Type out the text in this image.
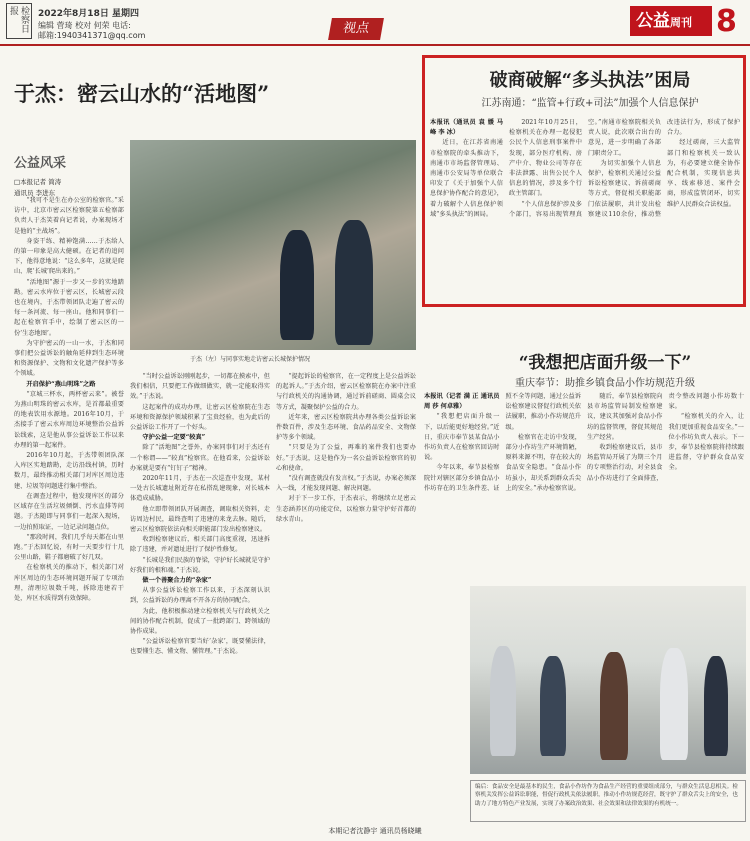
检察日报	2022年8月18日 星期四
编辑 菅琦 校对 何荣 电话:
邮箱:1940341371@qq.com	视点	公益周刊 8
于杰：密云山水的“活地图”
公益风采
□本报记者 简涛
通讯员 李进东

“我可不是生在办公室的检察官。”采访中，北京市密云区检察院第五检察部负责人于杰笑着向记者说，办案现场才是他的“主战场”。

身姿干练、精神饱满……于杰给人的第一印象是高大健硕。在记者的追问下，他得意地说：“这么多年，这就是爬山、爬‘长城’爬出来的。”

“活地图”源于一步又一步的实地踏勘。密云水库位于密云区，长城密云段也在境内，于杰带领团队走遍了密云的每一条河流、每一座山。他和同事们一起在检察官手中，绘制了密云区的一份‘生态地图’。

为守护密云的一山一水，于杰和同事们把公益诉讼的触角延伸到生态环境和资源保护、文物和文化遗产保护等多个领域。

开启保护“燕山明珠”之路

“京城三杯水，两杯密云来”。被誉为燕山明珠的密云水库，是首都最重要的地表饮用水源地。2016年10月，于杰接手了密云水库周边环境整治公益诉讼线索，这是他从事公益诉讼工作以来办理的第一起案件。

2016年10月起，于杰带领团队深入库区实地踏勘，走访沿线村镇，历时数月，最终推动相关部门对库区周边违建、垃圾等问题进行集中整治。

在调查过程中，他发现库区的部分区域存在生活垃圾倾倒、污水直排等问题。于杰随即与同事们一起深入现场，一边拍照取证，一边记录问题点位。

“那段时间，我们几乎每天都在山里跑。”于杰回忆说，有时一天要步行十几公里山路，鞋子都磨破了好几双。

在检察机关的推动下，相关部门对库区周边的生态环境问题开展了专项治理，清理垃圾数千吨，拆除违建若干处，库区水质得到有效保障。

于杰（左）与同事实地走访密云长城保护情况

“当时公益诉讼刚刚起步，一切都在摸索中，但我们相信，只要把工作做细做实，就一定能取得实效。”于杰说。

这起案件的成功办理，让密云区检察院在生态环境和资源保护领域积累了宝贵经验，也为此后的公益诉讼工作开了一个好头。

守护公益一定要“较真”

除了“活地图”之誉外，办案同事们对于杰还有一个称谓——“较真”检察官。在他看来，公益诉讼办案就是要有“钉钉子”精神。

2020年11月，于杰在一次巡查中发现，某村一处古长城遗址附近存在私搭乱建现象，对长城本体造成威胁。

他立即带领团队开展调查，调取相关资料，走访周边村民，最终查明了违建的来龙去脉。随后，密云区检察院依法向相关职能部门发出检察建议。

收到检察建议后，相关部门高度重视，迅速拆除了违建，并对遗址进行了保护性修复。

“长城是我们民族的脊梁，守护好长城就是守护好我们的根和魂。”于杰说。

做一个善聚合力的“杂家”

从事公益诉讼检察工作以来，于杰深刻认识到，公益诉讼的办理离不开各方的协同配合。

为此，他积极推动建立检察机关与行政机关之间的协作配合机制，促成了一批跨部门、跨领域的协作成果。

“公益诉讼检察官要当好‘杂家’，既要懂法律，也要懂生态、懂文物、懂管理。”于杰说。

“提起诉讼的检察官，在一定程度上是公益诉讼的起诉人。”于杰介绍，密云区检察院在办案中注重与行政机关的沟通协调，通过诉前磋商、圆桌会议等方式，凝聚保护公益的合力。

近年来，密云区检察院共办理各类公益诉讼案件数百件，涉及生态环境、食品药品安全、文物保护等多个领域。

“只要是为了公益，再难的案件我们也要办好。”于杰说，这是他作为一名公益诉讼检察官的初心和使命。

“没有调查就没有发言权。”于杰说，办案必须深入一线，才能发现问题、解决问题。

对于下一步工作，于杰表示，将继续立足密云生态涵养区的功能定位，以检察力量守护好首都的绿水青山。

破商破解“多头执法”困局
江苏南通：“监管+行政+司法”加强个人信息保护

本报讯（通讯员 袁 媛 马 峰 李 冰）

近日，在江苏省南通市检察院的牵头推动下，南通市市场监督管理局、南通市公安局等单位联合印发了《关于加强个人信息保护协作配合的意见》，着力破解个人信息保护领域“多头执法”的困局。

2021年10月25日，检察机关在办理一起侵犯公民个人信息刑事案件中发现，部分医疗机构、房产中介、物业公司等存在非法泄露、出售公民个人信息的情况，涉及多个行政主管部门。

“个人信息保护涉及多个部门，容易出现管理真空。”南通市检察院相关负责人说，此次联合出台的意见，进一步明确了各部门职责分工。

为切实加强个人信息保护，检察机关通过公益诉讼检察建议、诉前磋商等方式，督促相关职能部门依法履职，共计发出检察建议110余份，推动整改违法行为，形成了保护合力。

经过磋商，三大监管部门和检察机关一致认为，有必要建立健全协作配合机制，实现信息共享、线索移送、案件会商，形成监管闭环，切实维护人民群众合法权益。

“我想把店面升级一下”
重庆奉节：助推乡镇食品小作坊规范升级

本报讯（记者 满 正 通讯员 周 莎 何卓雅）

“我想把店面升级一下，以后能更好地经营。”近日，重庆市奉节县某食品小作坊负责人在检察官回访时说。

今年以来，奉节县检察院针对辖区部分乡镇食品小作坊存在的卫生条件差、证照不全等问题，通过公益诉讼检察建议督促行政机关依法履职，推动小作坊规范升级。

检察官在走访中发现，部分小作坊生产环境简陋，原料来源不明，存在较大的食品安全隐患。“食品小作坊虽小，却关系到群众舌尖上的安全。”承办检察官说。

随后，奉节县检察院向县市场监管局制发检察建议，建议其加强对食品小作坊的监督管理，督促其规范生产经营。

收到检察建议后，县市场监管局开展了为期三个月的专项整治行动，对全县食品小作坊进行了全面排查，责令整改问题小作坊数十家。

“检察机关的介入，让我们更加重视食品安全。”一位小作坊负责人表示。下一步，奉节县检察院将持续跟进监督，守护群众食品安全。

编后：食品安全是最基本的民生，食品小作坊作为食品生产经营的重要组成部分，与群众生活息息相关。检察机关发挥公益诉讼职能，督促行政机关依法履职，推动小作坊规范经营，既守护了群众舌尖上的安全，也助力了地方特色产业发展，实现了办案政治效果、社会效果和法律效果的有机统一。
本期记者沈静宇 通讯员杨晓曦
